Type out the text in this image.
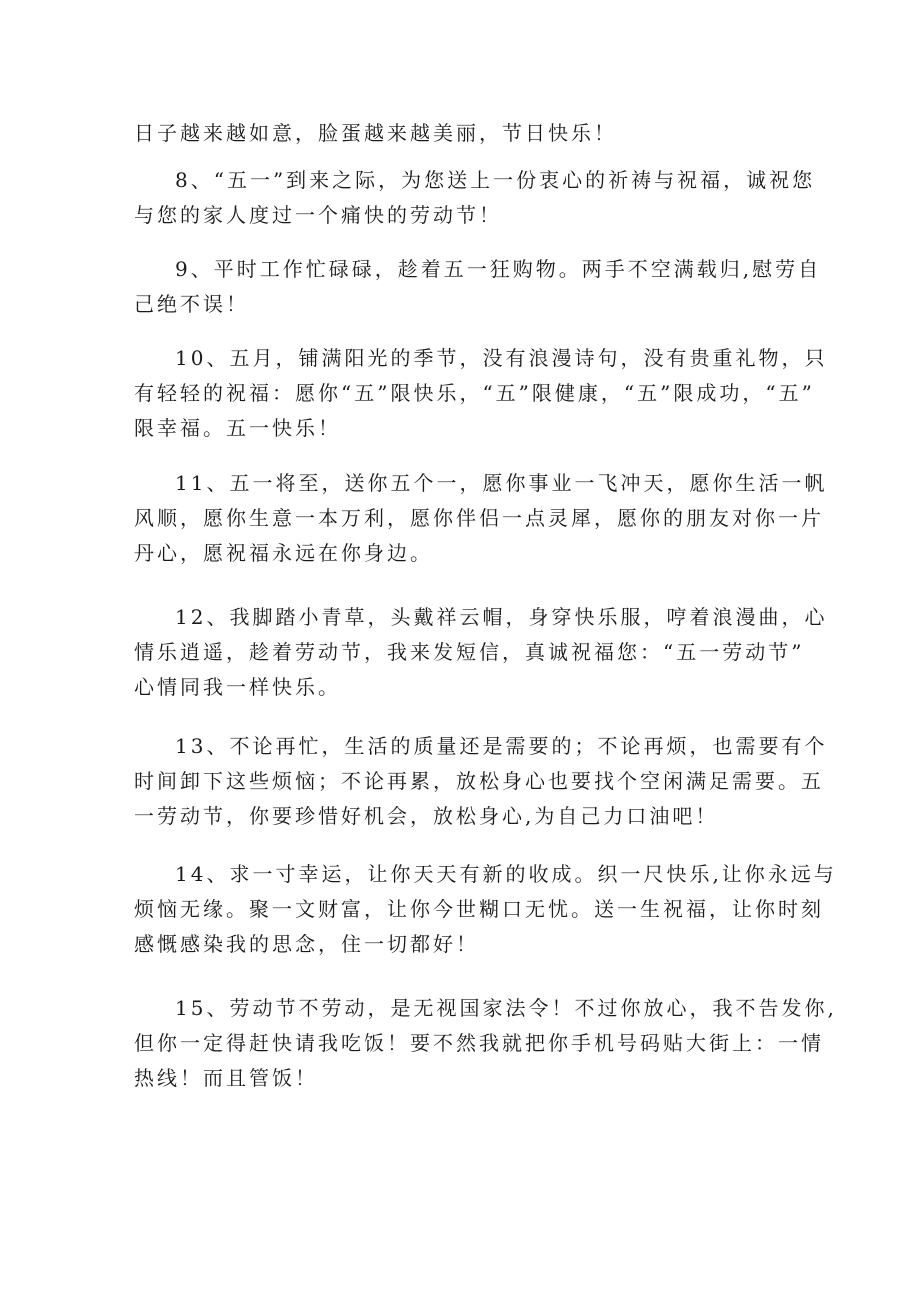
日子越来越如意，脸蛋越来越美丽，节日快乐！

8、“五一”到来之际，为您送上一份衷心的祈祷与祝福，诚祝您
与您的家人度过一个痛快的劳动节！

9、平时工作忙碌碌，趁着五一狂购物。两手不空满载归,慰劳自
己绝不误！

10、五月，铺满阳光的季节，没有浪漫诗句，没有贵重礼物，只
有轻轻的祝福：愿你“五”限快乐，“五”限健康，“五”限成功，“五”
限幸福。五一快乐！

11、五一将至，送你五个一，愿你事业一飞冲天，愿你生活一帆
风顺，愿你生意一本万利，愿你伴侣一点灵犀，愿你的朋友对你一片
丹心，愿祝福永远在你身边。

12、我脚踏小青草，头戴祥云帽，身穿快乐服，哼着浪漫曲，心
情乐逍遥，趁着劳动节，我来发短信，真诚祝福您：“五一劳动节”
心情同我一样快乐。

13、不论再忙，生活的质量还是需要的；不论再烦，也需要有个
时间卸下这些烦恼；不论再累，放松身心也要找个空闲满足需要。五
一劳动节，你要珍惜好机会，放松身心,为自己力口油吧！

14、求一寸幸运，让你天天有新的收成。织一尺快乐,让你永远与
烦恼无缘。聚一文财富，让你今世糊口无忧。送一生祝福，让你时刻
感慨感染我的思念，住一切都好！

15、劳动节不劳动，是无视国家法令！不过你放心，我不告发你,
但你一定得赶快请我吃饭！要不然我就把你手机号码贴大街上：一情
热线！而且管饭！
